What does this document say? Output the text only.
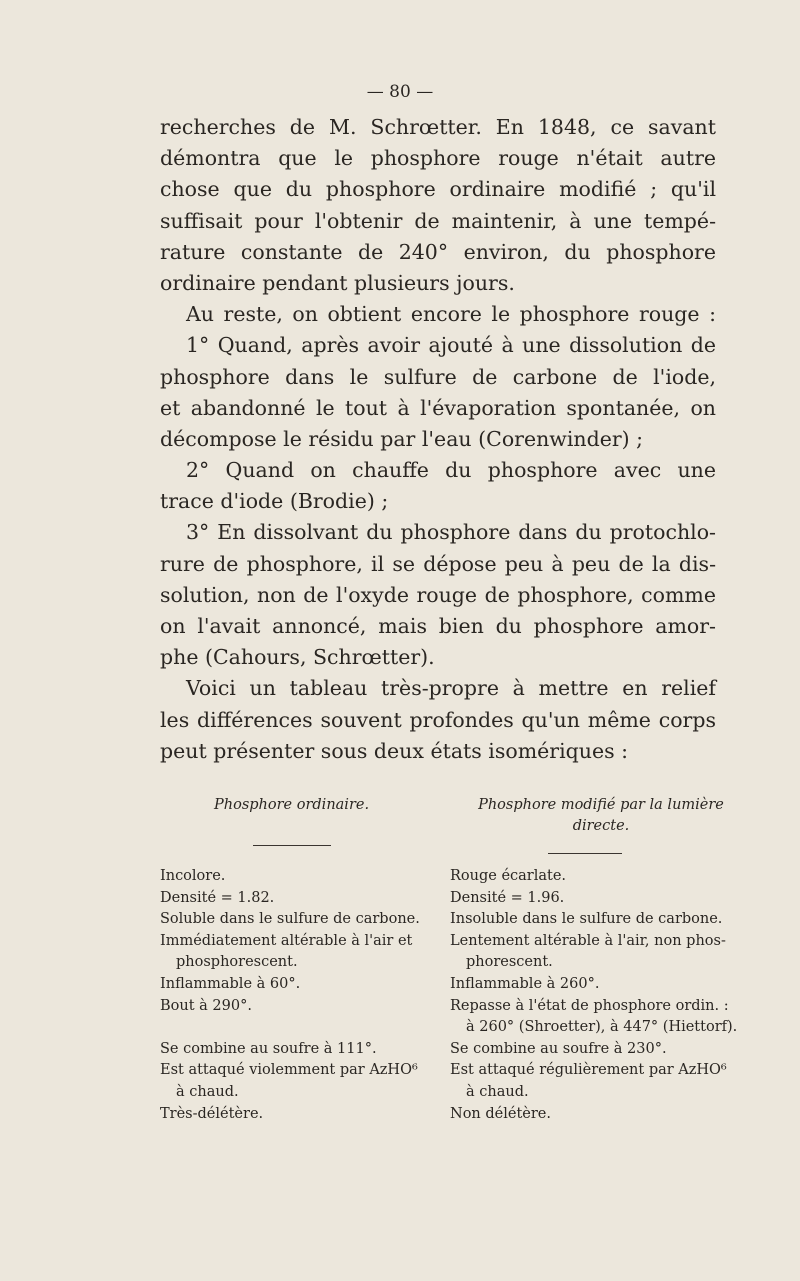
— 80 —
recherches de M. Schrœtter. En 1848, ce savant
démontra que le phosphore rouge n'était autre
chose que du phosphore ordinaire modifié ; qu'il
suffisait pour l'obtenir de maintenir, à une tempé-
rature constante de 240° environ, du phosphore
ordinaire pendant plusieurs jours.
Au reste, on obtient encore le phosphore rouge :
1° Quand, après avoir ajouté à une dissolution de
phosphore dans le sulfure de carbone de l'iode,
et abandonné le tout à l'évaporation spontanée, on
décompose le résidu par l'eau (Corenwinder) ;
2° Quand on chauffe du phosphore avec une
trace d'iode (Brodie) ;
3° En dissolvant du phosphore dans du protochlo-
rure de phosphore, il se dépose peu à peu de la dis-
solution, non de l'oxyde rouge de phosphore, comme
on l'avait annoncé, mais bien du phosphore amor-
phe (Cahours, Schrœtter).
Voici un tableau très-propre à mettre en relief
les différences souvent profondes qu'un même corps
peut présenter sous deux états isomériques :
Phosphore ordinaire.	Phosphore modifié par la lumière
directe.
Incolore.
Densité = 1.82.
Soluble dans le sulfure de carbone.
Immédiatement altérable à l'air et
phosphorescent.
Inflammable à 60°.
Bout à 290°.
Se combine au soufre à 111°.
Est attaqué violemment par AzHO⁶
à chaud.
Très-délétère.
Rouge écarlate.
Densité = 1.96.
Insoluble dans le sulfure de carbone.
Lentement altérable à l'air, non phos-
phorescent.
Inflammable à 260°.
Repasse à l'état de phosphore ordin. :
à 260° (Shroetter), à 447° (Hiettorf).
Se combine au soufre à 230°.
Est attaqué régulièrement par AzHO⁶
à chaud.
Non délétère.
